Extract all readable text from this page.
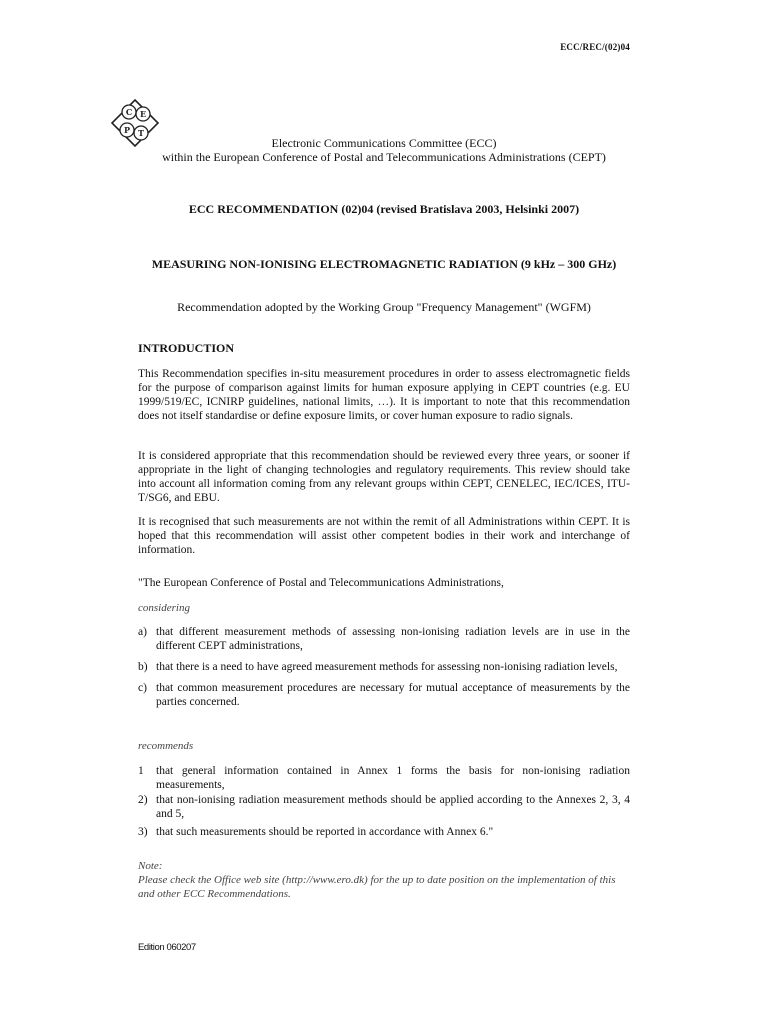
ECC/REC/(02)04
C E
P T
Electronic Communications Committee (ECC)
within the European Conference of Postal and Telecommunications Administrations (CEPT)
ECC RECOMMENDATION (02)04 (revised Bratislava 2003, Helsinki 2007)
MEASURING NON-IONISING ELECTROMAGNETIC RADIATION (9 kHz – 300 GHz)
Recommendation adopted by the Working Group "Frequency Management" (WGFM)
INTRODUCTION
This Recommendation specifies in-situ measurement procedures in order to assess electromagnetic fields for the purpose of comparison against limits for human exposure applying in CEPT countries (e.g. EU 1999/519/EC, ICNIRP guidelines, national limits, …). It is important to note that this recommendation does not itself standardise or define exposure limits, or cover human exposure to radio signals.
It is considered appropriate that this recommendation should be reviewed every three years, or sooner if appropriate in the light of changing technologies and regulatory requirements. This review should take into account all information coming from any relevant groups within CEPT, CENELEC, IEC/ICES, ITU-T/SG6, and EBU.
It is recognised that such measurements are not within the remit of all Administrations within CEPT. It is hoped that this recommendation will assist other competent bodies in their work and interchange of information.
"The European Conference of Postal and Telecommunications Administrations,
considering
a) that different measurement methods of assessing non-ionising radiation levels are in use in the different CEPT administrations,
b) that there is a need to have agreed measurement methods for assessing non-ionising radiation levels,
c) that common measurement procedures are necessary for mutual acceptance of measurements by the parties concerned.
recommends
1 that general information contained in Annex 1 forms the basis for non-ionising radiation measurements,
2) that non-ionising radiation measurement methods should be applied according to the Annexes 2, 3, 4 and 5,
3) that such measurements should be reported in accordance with Annex 6."
Note:
Please check the Office web site (http://www.ero.dk) for the up to date position on the implementation of this and other ECC Recommendations.
Edition 060207
